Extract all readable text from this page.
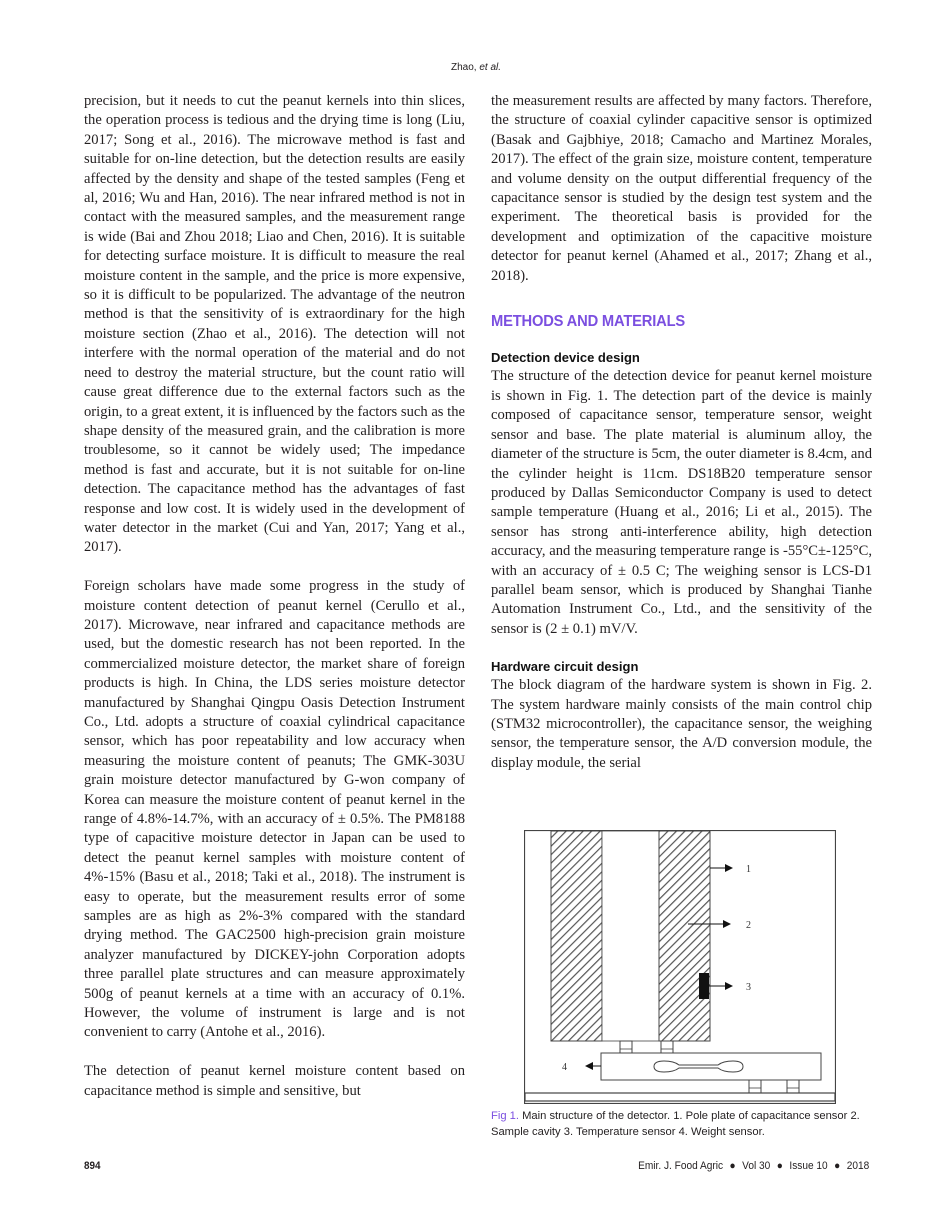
Zhao, et al.

precision, but it needs to cut the peanut kernels into thin slices, the operation process is tedious and the drying time is long (Liu, 2017; Song et al., 2016). The microwave method is fast and suitable for on-line detection, but the detection results are easily affected by the density and shape of the tested samples (Feng et al, 2016; Wu and Han, 2016). The near infrared method is not in contact with the measured samples, and the measurement range is wide (Bai and Zhou 2018; Liao and Chen, 2016). It is suitable for detecting surface moisture. It is difficult to measure the real moisture content in the sample, and the price is more expensive, so it is difficult to be popularized. The advantage of the neutron method is that the sensitivity of is extraordinary for the high moisture section (Zhao et al., 2016). The detection will not interfere with the normal operation of the material and do not need to destroy the material structure, but the count ratio will cause great difference due to the external factors such as the origin, to a great extent, it is influenced by the factors such as the shape density of the measured grain, and the calibration is more troublesome, so it cannot be widely used; The impedance method is fast and accurate, but it is not suitable for on-line detection. The capacitance method has the advantages of fast response and low cost. It is widely used in the development of water detector in the market (Cui and Yan, 2017; Yang et al., 2017).

Foreign scholars have made some progress in the study of moisture content detection of peanut kernel (Cerullo et al., 2017). Microwave, near infrared and capacitance methods are used, but the domestic research has not been reported. In the commercialized moisture detector, the market share of foreign products is high. In China, the LDS series moisture detector manufactured by Shanghai Qingpu Oasis Detection Instrument Co., Ltd. adopts a structure of coaxial cylindrical capacitance sensor, which has poor repeatability and low accuracy when measuring the moisture content of peanuts; The GMK-303U grain moisture detector manufactured by G-won company of Korea can measure the moisture content of peanut kernel in the range of 4.8%-14.7%, with an accuracy of ± 0.5%. The PM8188 type of capacitive moisture detector in Japan can be used to detect the peanut kernel samples with moisture content of 4%-15% (Basu et al., 2018; Taki et al., 2018). The instrument is easy to operate, but the measurement results error of some samples are as high as 2%-3% compared with the standard drying method. The GAC2500 high-precision grain moisture analyzer manufactured by DICKEY-john Corporation adopts three parallel plate structures and can measure approximately 500g of peanut kernels at a time with an accuracy of 0.1%. However, the volume of instrument is large and is not convenient to carry (Antohe et al., 2016).

The detection of peanut kernel moisture content based on capacitance method is simple and sensitive, but

the measurement results are affected by many factors. Therefore, the structure of coaxial cylinder capacitive sensor is optimized (Basak and Gajbhiye, 2018; Camacho and Martinez Morales, 2017). The effect of the grain size, moisture content, temperature and volume density on the output differential frequency of the capacitance sensor is studied by the design test system and the experiment. The theoretical basis is provided for the development and optimization of the capacitive moisture detector for peanut kernel (Ahamed et al., 2017; Zhang et al., 2018).

METHODS AND MATERIALS
Detection device design

The structure of the detection device for peanut kernel moisture is shown in Fig. 1. The detection part of the device is mainly composed of capacitance sensor, temperature sensor, weight sensor and base. The plate material is aluminum alloy, the diameter of the structure is 5cm, the outer diameter is 8.4cm, and the cylinder height is 11cm. DS18B20 temperature sensor produced by Dallas Semiconductor Company is used to detect sample temperature (Huang et al., 2016; Li et al., 2015). The sensor has strong anti-interference ability, high detection accuracy, and the measuring temperature range is -55°C±-125°C, with an accuracy of ± 0.5 C; The weighing sensor is LCS-D1 parallel beam sensor, which is produced by Shanghai Tianhe Automation Instrument Co., Ltd., and the sensitivity of the sensor is (2 ± 0.1) mV/V.

Hardware circuit design

The block diagram of the hardware system is shown in Fig. 2. The system hardware mainly consists of the main control chip (STM32 microcontroller), the capacitance sensor, the weighing sensor, the temperature sensor, the A/D conversion module, the display module, the serial

1
2
3
4
Fig 1. Main structure of the detector. 1. Pole plate of capacitance sensor 2. Sample cavity 3. Temperature sensor 4. Weight sensor.
894	Emir. J. Food Agric ● Vol 30 ● Issue 10 ● 2018
